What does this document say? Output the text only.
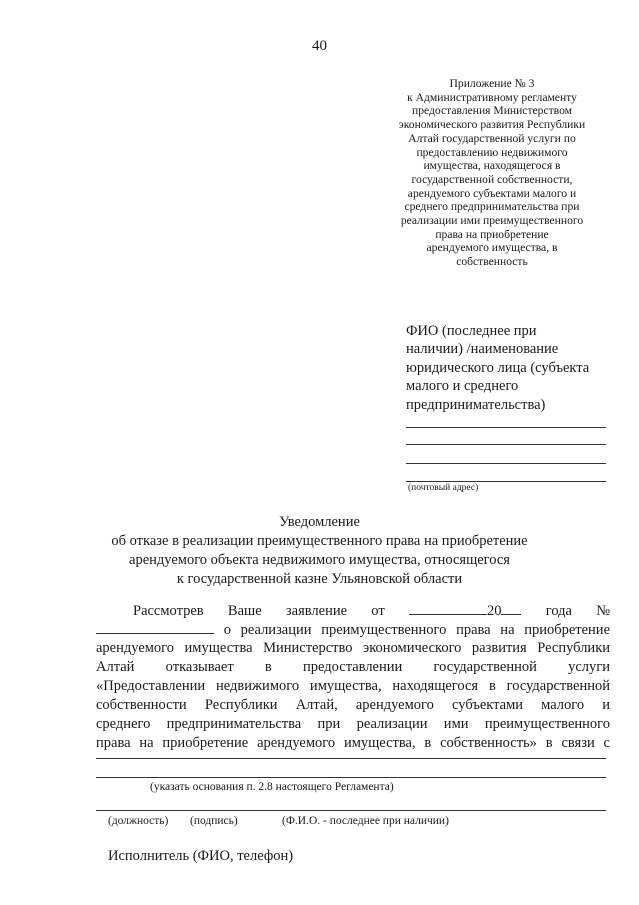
40
Приложение № 3
к Административному регламенту
предоставления Министерством
экономического развития Республики
Алтай государственной услуги по
предоставлению недвижимого
имущества, находящегося в
государственной собственности,
арендуемого субъектами малого и
среднего предпринимательства при
реализации ими преимущественного
права на приобретение
арендуемого имущества, в
собственность
ФИО (последнее при
наличии) /наименование
юридического лица (субъекта
малого и среднего
предпринимательства)
(почтовый адрес)
Уведомление
об отказе в реализации преимущественного права на приобретение
арендуемого объекта недвижимого имущества, относящегося
к государственной казне Ульяновской области
Рассмотрев Ваше заявление от	20	года №
о реализации преимущественного права на приобретение
арендуемого имущества Министерство экономического развития Республики
Алтай отказывает в предоставлении государственной услуги
«Предоставлении недвижимого имущества, находящегося в государственной
собственности Республики Алтай, арендуемого субъектами малого и
среднего предпринимательства при реализации ими преимущественного
права на приобретение арендуемого имущества, в собственность» в связи с
(указать основания п. 2.8 настоящего Регламента)
(должность) (подпись)	(Ф.И.О. - последнее при наличии)
Исполнитель (ФИО, телефон)
